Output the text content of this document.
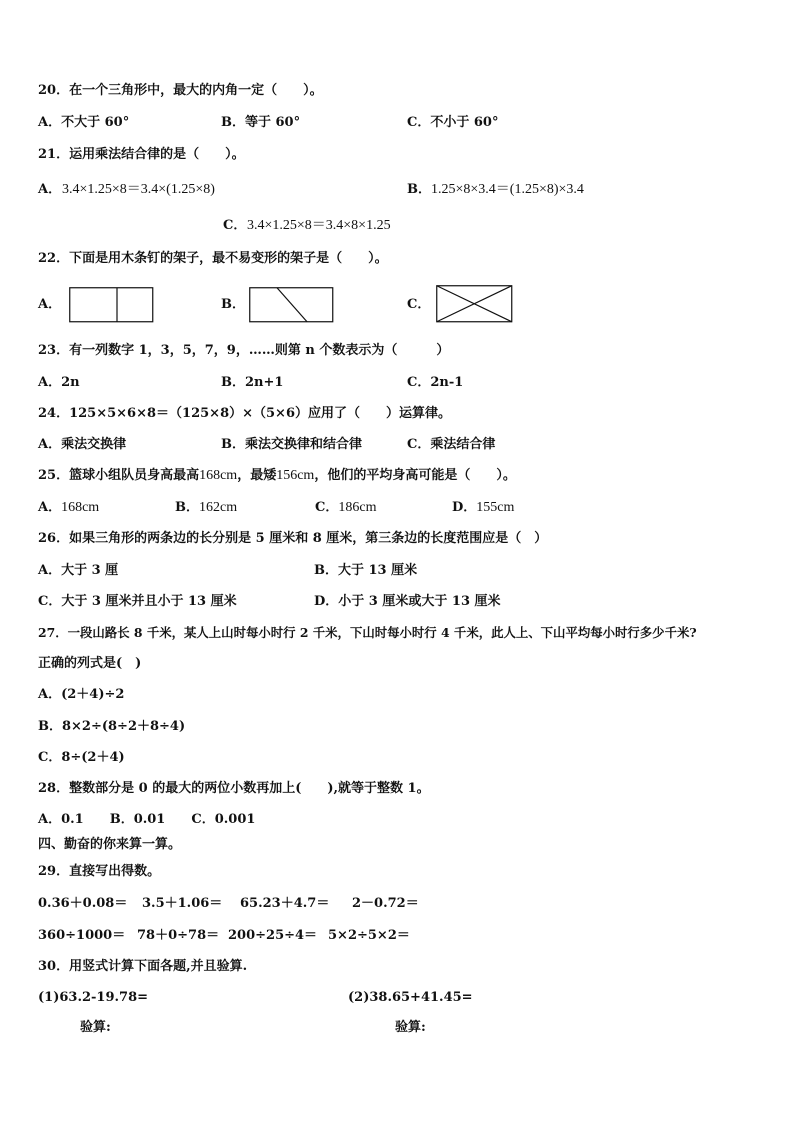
20．在一个三角形中，最大的内角一定（　　）。
A．不大于 60°	B．等于 60°	C．不小于 60°
21．运用乘法结合律的是（　　）。
A． 3.4×1.25×8＝3.4×(1.25×8)	B． 1.25×8×3.4＝(1.25×8)×3.4
C． 3.4×1.25×8＝3.4×8×1.25
22．下面是用木条钉的架子，最不易变形的架子是（　　）。
A．	B．	C．
23．有一列数字 1，3，5，7，9，……则第 n 个数表示为（　　　）
A．2n	B．2n+1	C．2n-1
24．125×5×6×8＝（125×8）×（5×6）应用了（　　）运算律。
A．乘法交换律	B．乘法交换律和结合律	C．乘法结合律
25．篮球小组队员身高最高168cm，最矮156cm，他们的平均身高可能是（　　）。
A．168cm	B．162cm	C．186cm	D．155cm
26．如果三角形的两条边的长分别是 5 厘米和 8 厘米，第三条边的长度范围应是（　）
A．大于 3 厘	B．大于 13 厘米
C．大于 3 厘米并且小于 13 厘米	D．小于 3 厘米或大于 13 厘米
27．一段山路长 8 千米，某人上山时每小时行 2 千米，下山时每小时行 4 千米，此人上、下山平均每小时行多少千米?
正确的列式是(　)
A．(2＋4)÷2
B．8×2÷(8÷2＋8÷4)
C．8÷(2＋4)
28．整数部分是 0 的最大的两位小数再加上(　　),就等于整数 1。
A．0.1　　B．0.01　　C．0.001
四、勤奋的你来算一算。
29．直接写出得数。
0.36＋0.08＝ 3.5＋1.06＝ 65.23＋4.7＝ 2－0.72＝
360÷1000＝ 78＋0÷78＝ 200÷25÷4＝ 5×2÷5×2＝
30．用竖式计算下面各题,并且验算.
(1)63.2-19.78=	(2)38.65+41.45=
验算:	验算:
